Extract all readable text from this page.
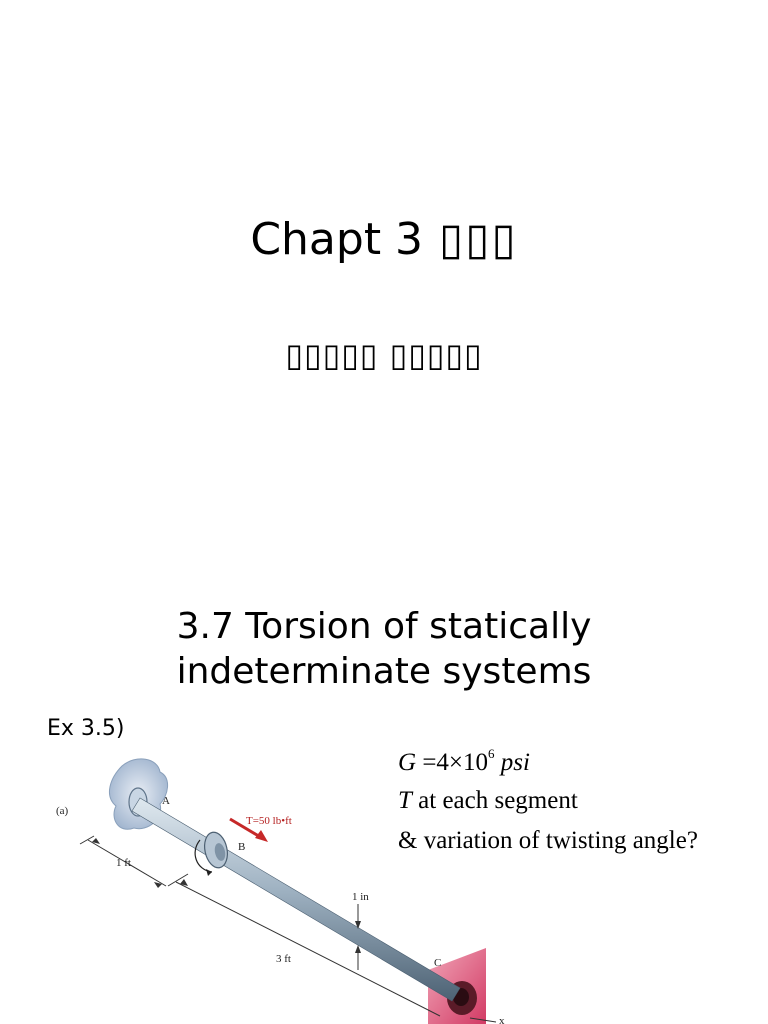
Chapt 3 ▯▯▯
▯▯▯▯▯ ▯▯▯▯▯
3.7 Torsion of statically
indeterminate systems
Ex 3.5)
$G =4\times 10^6$ psi
T at each segment
& variation of twisting angle?
(a)
A
B
C
T=50 lb•ft
1 ft
3 ft
1 in
x
